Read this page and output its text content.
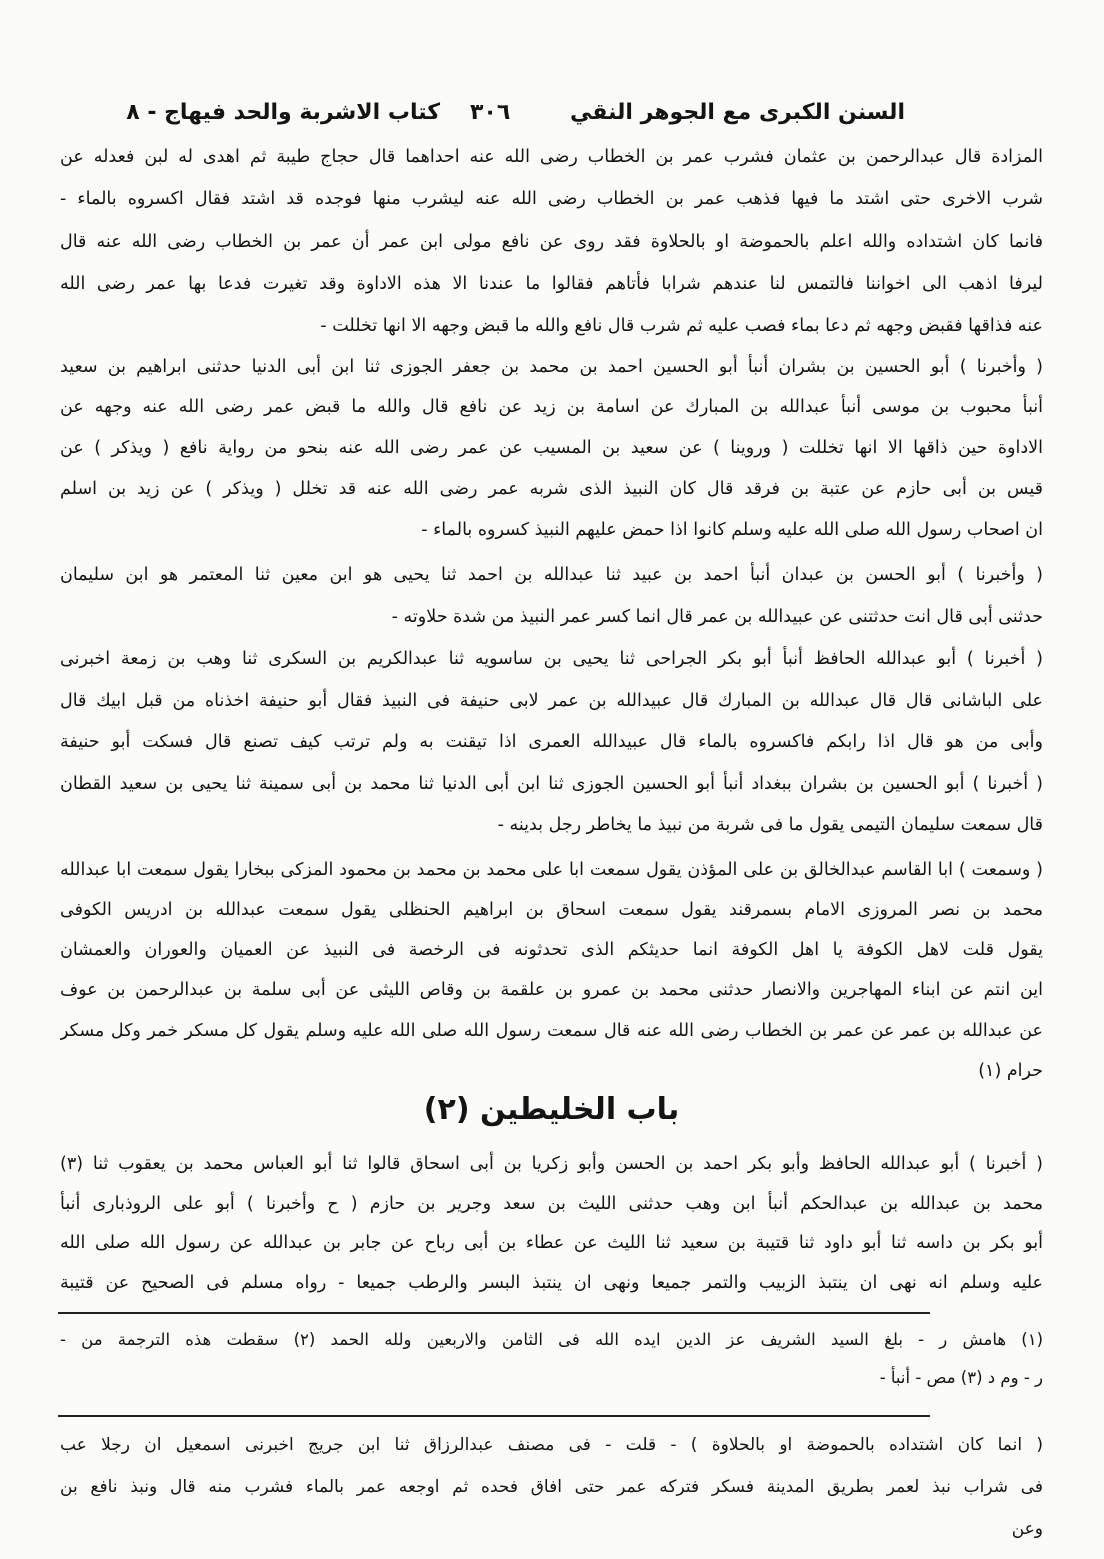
السنن الكبرى مع الجوهر النقي
٣٠٦
كتاب الاشربة والحد فيها
ج - ٨
المزادة قال عبدالرحمن بن عثمان فشرب عمر بن الخطاب رضى الله عنه احداهما قال حجاج طيبة ثم اهدى له لبن فعدله عن
شرب الاخرى حتى اشتد ما فيها فذهب عمر بن الخطاب رضى الله عنه ليشرب منها فوجده قد اشتد فقال اكسروه بالماء -
فانما كان اشتداده والله اعلم بالحموضة او بالحلاوة فقد روى عن نافع مولى ابن عمر أن عمر بن الخطاب رضى الله عنه قال
ليرفا اذهب الى اخواننا فالتمس لنا عندهم شرابا فأتاهم فقالوا ما عندنا الا هذه الاداوة وقد تغيرت فدعا بها عمر رضى الله
عنه فذاقها فقبض وجهه ثم دعا بماء فصب عليه ثم شرب قال نافع والله ما قبض وجهه الا انها تخللت -
( وأخبرنا ) أبو الحسين بن بشران أنبأ أبو الحسين احمد بن محمد بن جعفر الجوزى ثنا ابن أبى الدنيا حدثنى ابراهيم بن سعيد
أنبأ محبوب بن موسى أنبأ عبدالله بن المبارك عن اسامة بن زيد عن نافع قال والله ما قبض عمر رضى الله عنه وجهه عن
الاداوة حين ذاقها الا انها تخللت ( وروينا ) عن سعيد بن المسيب عن عمر رضى الله عنه بنحو من رواية نافع ( ويذكر ) عن
قيس بن أبى حازم عن عتبة بن فرقد قال كان النبيذ الذى شربه عمر رضى الله عنه قد تخلل ( ويذكر ) عن زيد بن اسلم
ان اصحاب رسول الله صلى الله عليه وسلم كانوا اذا حمض عليهم النبيذ كسروه بالماء -
( وأخبرنا ) أبو الحسن بن عبدان أنبأ احمد بن عبيد ثنا عبدالله بن احمد ثنا يحيى هو ابن معين ثنا المعتمر هو ابن سليمان
حدثنى أبى قال انت حدثتنى عن عبيدالله بن عمر قال انما كسر عمر النبيذ من شدة حلاوته -
( أخبرنا ) أبو عبدالله الحافظ أنبأ أبو بكر الجراحى ثنا يحيى بن ساسويه ثنا عبدالكريم بن السكرى ثنا وهب بن زمعة اخبرنى
على الباشانى قال قال عبدالله بن المبارك قال عبيدالله بن عمر لابى حنيفة فى النبيذ فقال أبو حنيفة اخذناه من قبل ابيك قال
وأبى من هو قال اذا رابكم فاكسروه بالماء قال عبيدالله العمرى اذا تيقنت به ولم ترتب كيف تصنع قال فسكت أبو حنيفة
( أخبرنا ) أبو الحسين بن بشران ببغداد أنبأ أبو الحسين الجوزى ثنا ابن أبى الدنيا ثنا محمد بن أبى سمينة ثنا يحيى بن سعيد القطان
قال سمعت سليمان التيمى يقول ما فى شربة من نبيذ ما يخاطر رجل بدينه -
( وسمعت ) ابا القاسم عبدالخالق بن على المؤذن يقول سمعت ابا على محمد بن محمد بن محمود المزكى ببخارا يقول سمعت ابا عبدالله
محمد بن نصر المروزى الامام بسمرقند يقول سمعت اسحاق بن ابراهيم الحنظلى يقول سمعت عبدالله بن ادريس الكوفى
يقول قلت لاهل الكوفة يا اهل الكوفة انما حديثكم الذى تحدثونه فى الرخصة فى النبيذ عن العميان والعوران والعمشان
اين انتم عن ابناء المهاجرين والانصار حدثنى محمد بن عمرو بن علقمة بن وقاص الليثى عن أبى سلمة بن عبدالرحمن بن عوف
عن عبدالله بن عمر عن عمر بن الخطاب رضى الله عنه قال سمعت رسول الله صلى الله عليه وسلم يقول كل مسكر خمر وكل مسكر
حرام (١)
باب الخليطين (٢)
( أخبرنا ) أبو عبدالله الحافظ وأبو بكر احمد بن الحسن وأبو زكريا بن أبى اسحاق قالوا ثنا أبو العباس محمد بن يعقوب ثنا (٣)
محمد بن عبدالله بن عبدالحكم أنبأ ابن وهب حدثنى الليث بن سعد وجرير بن حازم ( ح وأخبرنا ) أبو على الروذبارى أنبأ
أبو بكر بن داسه ثنا أبو داود ثنا قتيبة بن سعيد ثنا الليث عن عطاء بن أبى رباح عن جابر بن عبدالله عن رسول الله صلى الله
عليه وسلم انه نهى ان ينتبذ الزبيب والتمر جميعا ونهى ان ينتبذ البسر والرطب جميعا - رواه مسلم فى الصحيح عن قتيبة
(١) هامش ر - بلغ السيد الشريف عز الدين ايده الله فى الثامن والاربعين ولله الحمد (٢) سقطت هذه الترجمة من -
ر - وم د (٣) مص - أنبأ -
( انما كان اشتداده بالحموضة او بالحلاوة ) - قلت - فى مصنف عبدالرزاق ثنا ابن جريج اخبرنى اسمعيل ان رجلا عب
فى شراب نبذ لعمر بطريق المدينة فسكر فتركه عمر حتى افاق فحده ثم اوجعه عمر بالماء فشرب منه قال ونبذ نافع بن
وعن
